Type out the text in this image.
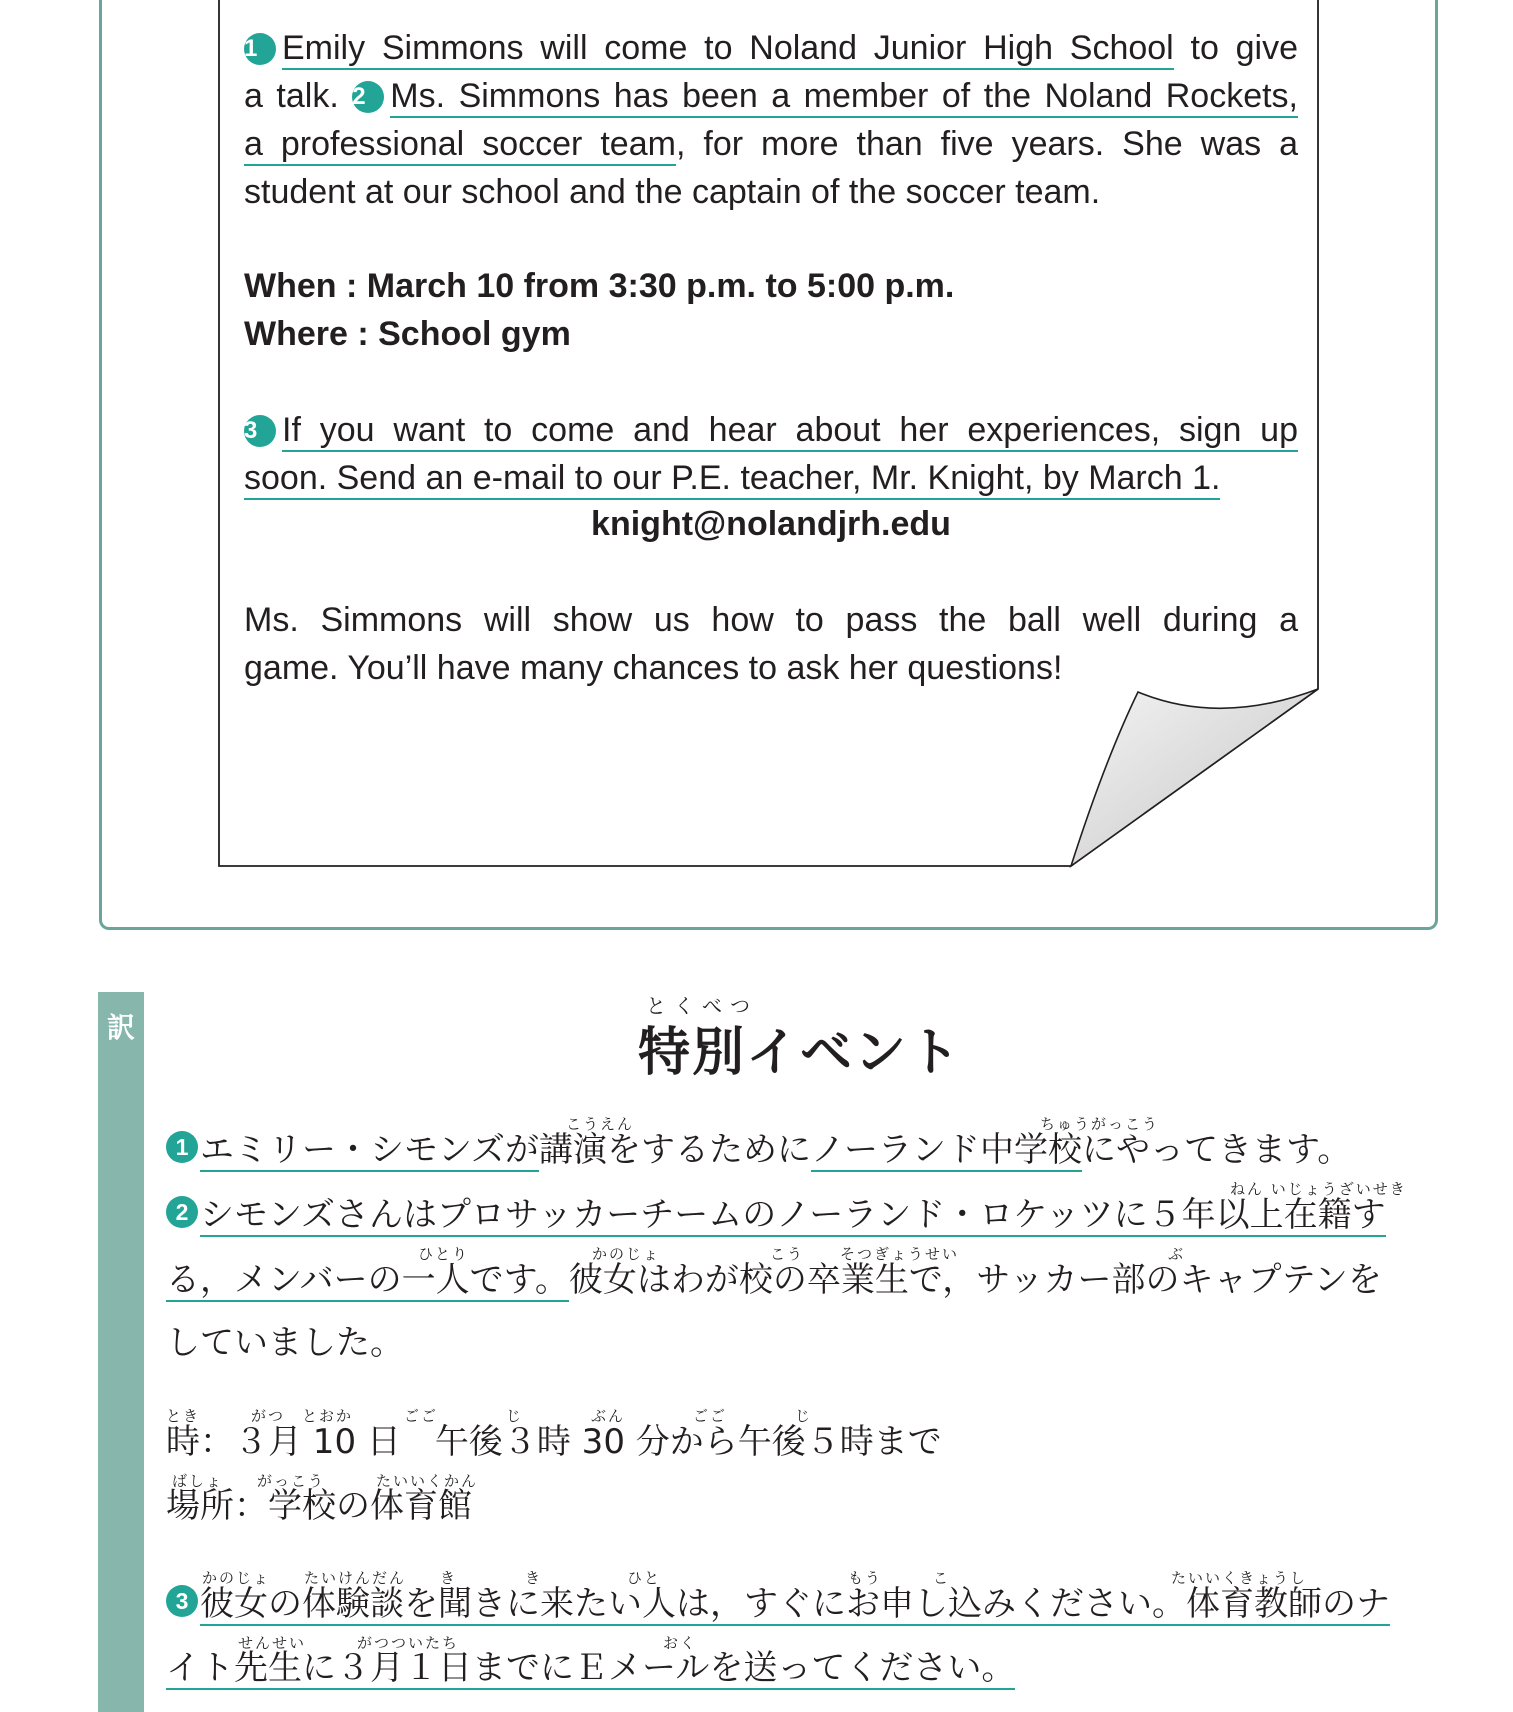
1 Emily Simmons will come to Noland Junior High School to give
a talk. 2 Ms. Simmons has been a member of the Noland Rockets,
a professional soccer team, for more than five years. She was a
student at our school and the captain of the soccer team.
When : March 10 from 3:30 p.m. to 5:00 p.m.
Where : School gym
3 If you want to come and hear about her experiences, sign up
soon. Send an e-mail to our P.E. teacher, Mr. Knight, by March 1.
knight@nolandjrh.edu
Ms. Simmons will show us how to pass the ball well during a
game. You’ll have many chances to ask her questions!
訳
とくべつ
特別イベント
こうえん	ちゅうがっこう
1 エミリー・シモンズが講演をするためにノーランド中学校にやってきます。
ねん いじょうざいせき
2 シモンズさんはプロサッカーチームのノーランド・ロケッツに５年以上在籍す
ひとり	かのじょ	こう そつぎょうせい	ぶ
る，メンバーの一人です。彼女はわが校の卒業生で，サッカー部のキャプテンを
していました。
とき　　　がつ　とおか　　　ごご　　　　じ　　　　ぶん　　　　ごご　　　　じ
時：３月 10 日　午後３時 30 分から午後５時まで
ばしょ　　がっこう　　　たいいくかん
場所：学校の体育館
かのじょ　　たいけんだん　　き　　　　き　　　　　ひと　　　　　　　　　　　もう　　　こ　　　　　　　　　　　　　たいいくきょうし
3 彼女の体験談を聞きに来たい人は，すぐにお申し込みください。体育教師のナ
せんせい　　　がつついたち　　　　　　　　　　　　おく
イト先生に３月１日までにＥメールを送ってください。
